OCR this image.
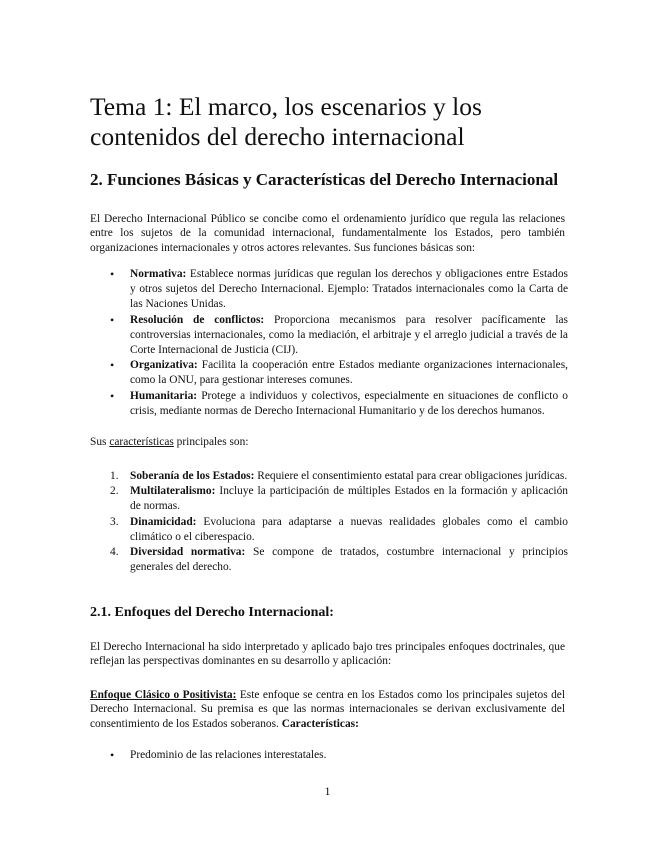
Tema 1: El marco, los escenarios y los contenidos del derecho internacional
2. Funciones Básicas y Características del Derecho Internacional

El Derecho Internacional Público se concibe como el ordenamiento jurídico que regula las relaciones entre los sujetos de la comunidad internacional, fundamentalmente los Estados, pero también organizaciones internacionales y otros actores relevantes. Sus funciones básicas son:

• Normativa: Establece normas jurídicas que regulan los derechos y obligaciones entre Estados y otros sujetos del Derecho Internacional. Ejemplo: Tratados internacionales como la Carta de las Naciones Unidas.
• Resolución de conflictos: Proporciona mecanismos para resolver pacíficamente las controversias internacionales, como la mediación, el arbitraje y el arreglo judicial a través de la Corte Internacional de Justicia (CIJ).
• Organizativa: Facilita la cooperación entre Estados mediante organizaciones internacionales, como la ONU, para gestionar intereses comunes.
• Humanitaria: Protege a individuos y colectivos, especialmente en situaciones de conflicto o crisis, mediante normas de Derecho Internacional Humanitario y de los derechos humanos.

Sus características principales son:

1. Soberanía de los Estados: Requiere el consentimiento estatal para crear obligaciones jurídicas.
2. Multilateralismo: Incluye la participación de múltiples Estados en la formación y aplicación de normas.
3. Dinamicidad: Evoluciona para adaptarse a nuevas realidades globales como el cambio climático o el ciberespacio.
4. Diversidad normativa: Se compone de tratados, costumbre internacional y principios generales del derecho.
2.1. Enfoques del Derecho Internacional:

El Derecho Internacional ha sido interpretado y aplicado bajo tres principales enfoques doctrinales, que reflejan las perspectivas dominantes en su desarrollo y aplicación:

Enfoque Clásico o Positivista: Este enfoque se centra en los Estados como los principales sujetos del Derecho Internacional. Su premisa es que las normas internacionales se derivan exclusivamente del consentimiento de los Estados soberanos. Características:

• Predominio de las relaciones interestatales.
1
